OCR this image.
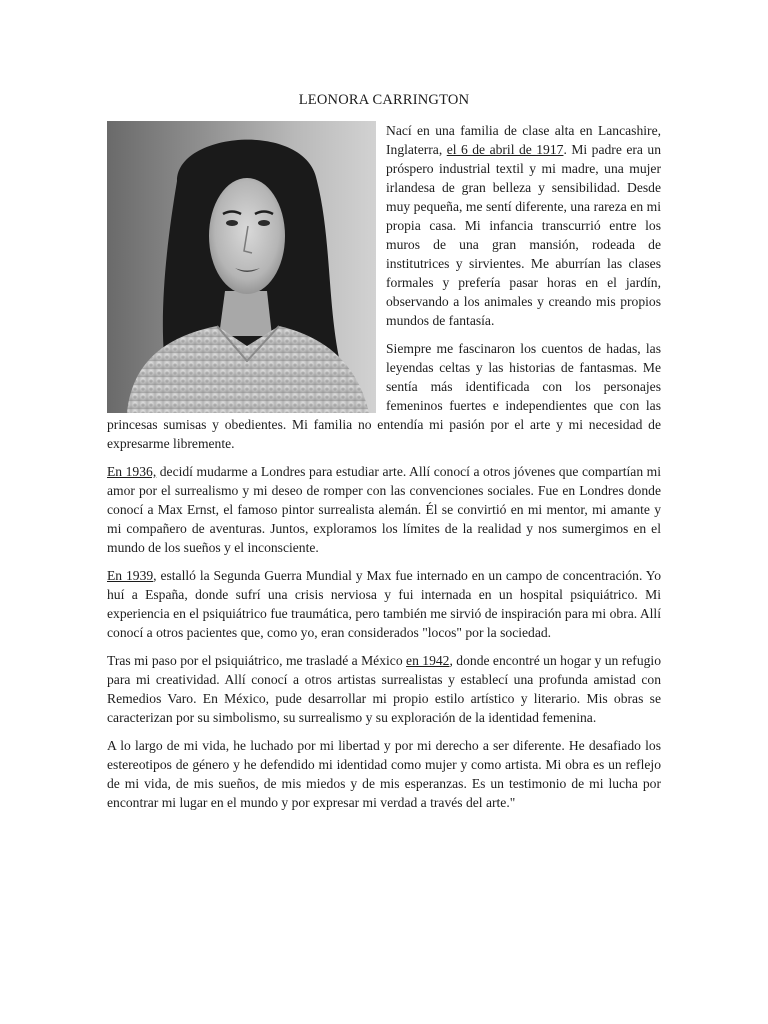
LEONORA CARRINGTON

Nací en una familia de clase alta en Lancashire, Inglaterra, el 6 de abril de 1917. Mi padre era un próspero industrial textil y mi madre, una mujer irlandesa de gran belleza y sensibilidad. Desde muy pequeña, me sentí diferente, una rareza en mi propia casa. Mi infancia transcurrió entre los muros de una gran mansión, rodeada de institutrices y sirvientes. Me aburrían las clases formales y prefería pasar horas en el jardín, observando a los animales y creando mis propios mundos de fantasía.

Siempre me fascinaron los cuentos de hadas, las leyendas celtas y las historias de fantasmas. Me sentía más identificada con los personajes femeninos fuertes e independientes que con las princesas sumisas y obedientes. Mi familia no entendía mi pasión por el arte y mi necesidad de expresarme libremente.

En 1936, decidí mudarme a Londres para estudiar arte. Allí conocí a otros jóvenes que compartían mi amor por el surrealismo y mi deseo de romper con las convenciones sociales. Fue en Londres donde conocí a Max Ernst, el famoso pintor surrealista alemán. Él se convirtió en mi mentor, mi amante y mi compañero de aventuras. Juntos, exploramos los límites de la realidad y nos sumergimos en el mundo de los sueños y el inconsciente.

En 1939, estalló la Segunda Guerra Mundial y Max fue internado en un campo de concentración. Yo huí a España, donde sufrí una crisis nerviosa y fui internada en un hospital psiquiátrico. Mi experiencia en el psiquiátrico fue traumática, pero también me sirvió de inspiración para mi obra. Allí conocí a otros pacientes que, como yo, eran considerados "locos" por la sociedad.

Tras mi paso por el psiquiátrico, me trasladé a México en 1942, donde encontré un hogar y un refugio para mi creatividad. Allí conocí a otros artistas surrealistas y establecí una profunda amistad con Remedios Varo. En México, pude desarrollar mi propio estilo artístico y literario. Mis obras se caracterizan por su simbolismo, su surrealismo y su exploración de la identidad femenina.

A lo largo de mi vida, he luchado por mi libertad y por mi derecho a ser diferente. He desafiado los estereotipos de género y he defendido mi identidad como mujer y como artista. Mi obra es un reflejo de mi vida, de mis sueños, de mis miedos y de mis esperanzas. Es un testimonio de mi lucha por encontrar mi lugar en el mundo y por expresar mi verdad a través del arte."
